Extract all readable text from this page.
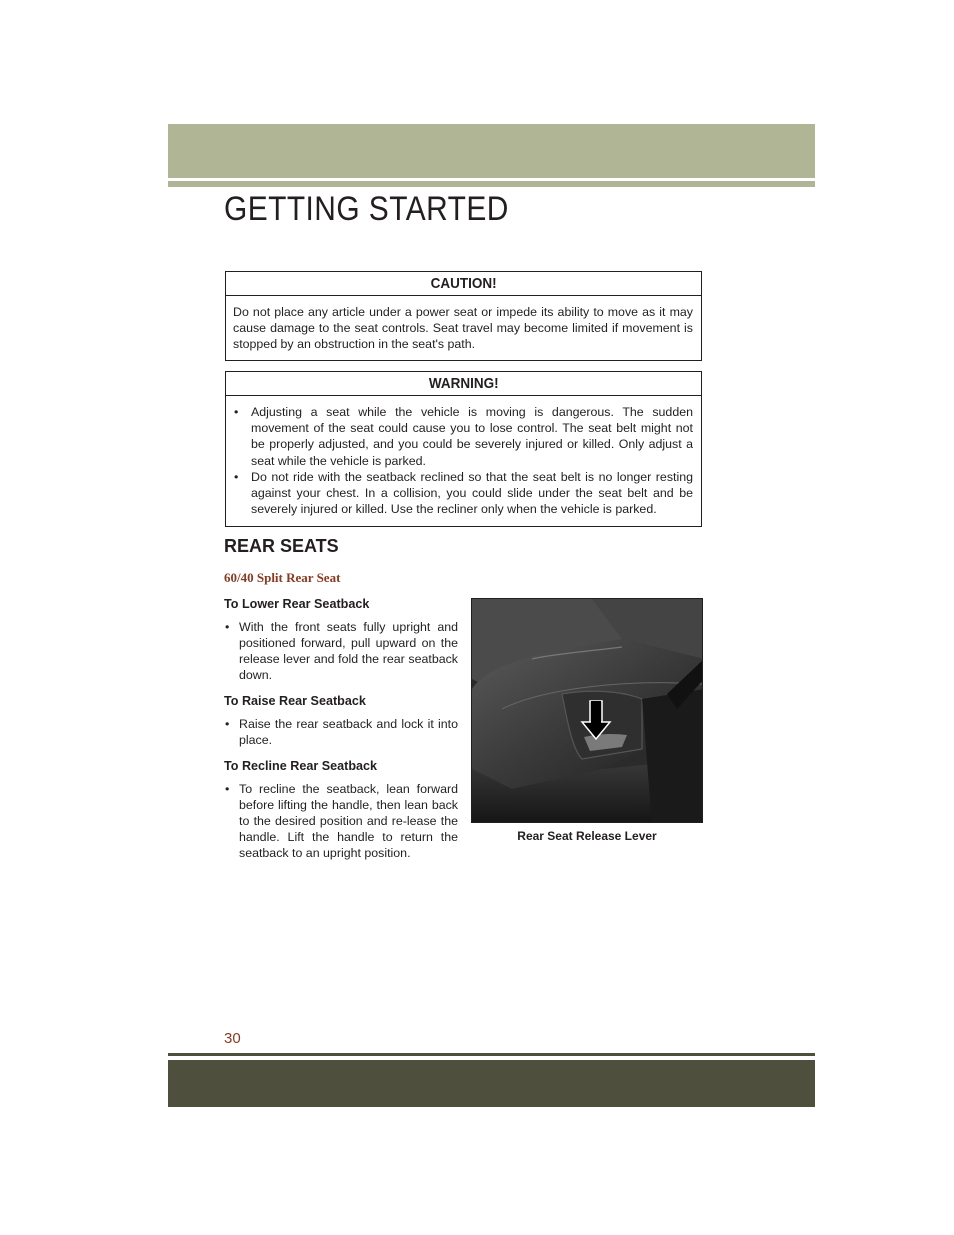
GETTING STARTED
CAUTION!
Do not place any article under a power seat or impede its ability to move as it may cause damage to the seat controls. Seat travel may become limited if movement is stopped by an obstruction in the seat's path.
WARNING!
• Adjusting a seat while the vehicle is moving is dangerous. The sudden movement of the seat could cause you to lose control. The seat belt might not be properly adjusted, and you could be severely injured or killed. Only adjust a seat while the vehicle is parked.
• Do not ride with the seatback reclined so that the seat belt is no longer resting against your chest. In a collision, you could slide under the seat belt and be severely injured or killed. Use the recliner only when the vehicle is parked.
REAR SEATS
60/40 Split Rear Seat
To Lower Rear Seatback
• With the front seats fully upright and positioned forward, pull upward on the release lever and fold the rear seatback down.
To Raise Rear Seatback
• Raise the rear seatback and lock it into place.
To Recline Rear Seatback
• To recline the seatback, lean forward before lifting the handle, then lean back to the desired position and re-lease the handle. Lift the handle to return the seatback to an upright position.
Rear Seat Release Lever
30
